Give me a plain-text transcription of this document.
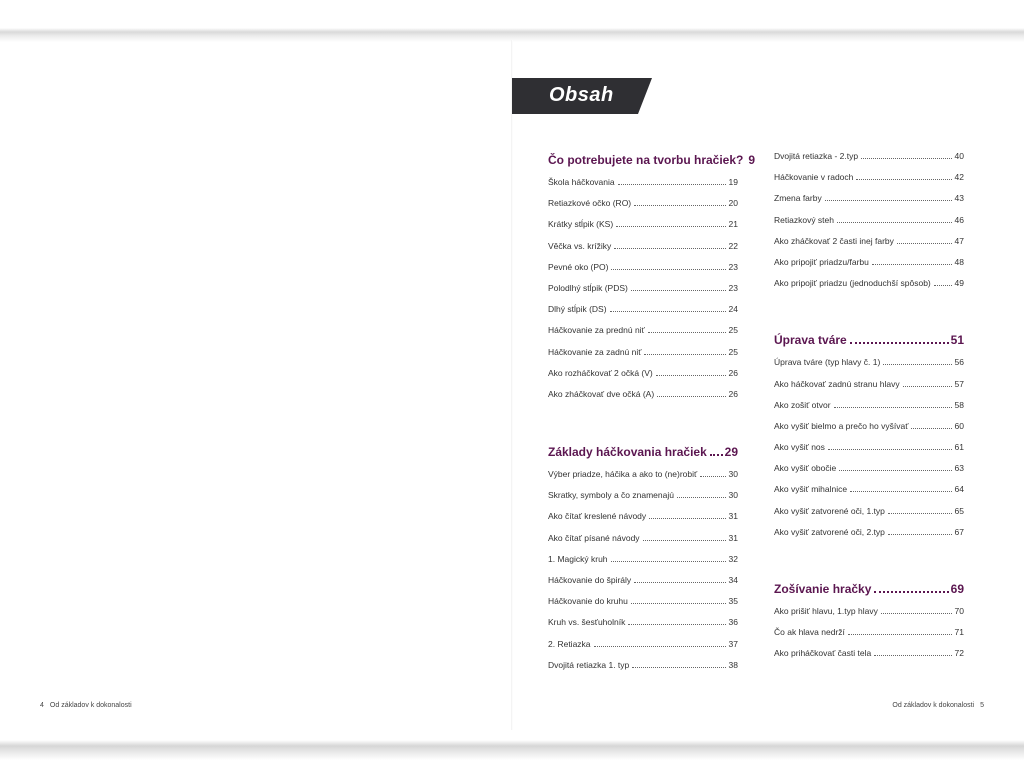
Obsah
Čo potrebujete na tvorbu hračiek? 9
Škola háčkovania	19
Retiazkové očko (RO)	20
Krátky stĺpik (KS)	21
Věčka vs. krížiky	22
Pevné oko (PO)	23
Polodlhý stĺpik (PDS)	23
Dlhý stĺpik (DS)	24
Háčkovanie za prednú niť	25
Háčkovanie za zadnú niť	25
Ako rozháčkovať 2 očká (V)	26
Ako zháčkovať dve očká (A)	26
Základy háčkovania hračiek 29
Výber priadze, háčika a ako to (ne)robiť	30
Skratky, symboly a čo znamenajú	30
Ako čítať kreslené návody	31
Ako čítať písané návody	31
1. Magický kruh	32
Háčkovanie do špirály	34
Háčkovanie do kruhu	35
Kruh vs. šesťuholník	36
2. Retiazka	37
Dvojitá retiazka 1. typ	38
Dvojitá retiazka - 2.typ	40
Háčkovanie v radoch	42
Zmena farby	43
Retiazkový steh	46
Ako zháčkovať 2 časti inej farby	47
Ako pripojiť priadzu/farbu	48
Ako pripojiť priadzu (jednoduchší spôsob)	49
Úprava tváre	51
Úprava tváre (typ hlavy č. 1)	56
Ako háčkovať zadnú stranu hlavy	57
Ako zošiť otvor	58
Ako vyšiť bielmo a prečo ho vyšívať	60
Ako vyšiť nos	61
Ako vyšiť obočie	63
Ako vyšiť mihalnice	64
Ako vyšiť zatvorené oči, 1.typ	65
Ako vyšiť zatvorené oči, 2.typ	67
Zošívanie hračky	69
Ako prišiť hlavu, 1.typ hlavy	70
Čo ak hlava nedrží	71
Ako priháčkovať časti tela	72
4 Od základov k dokonalosti	Od základov k dokonalosti 5
